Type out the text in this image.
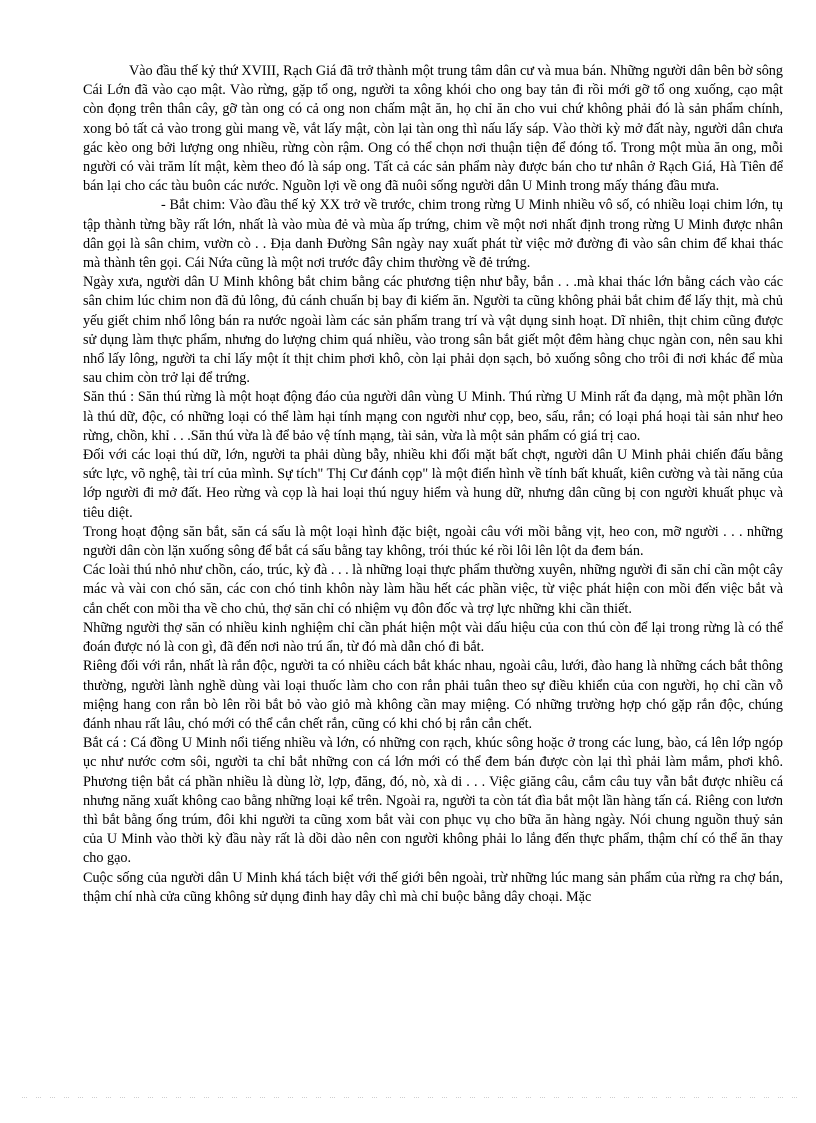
Vào đầu thế kỷ thứ XVIII, Rạch Giá đã trở thành một trung tâm dân cư và mua bán. Những người dân bên bờ sông Cái Lớn đã vào cạo mật. Vào rừng, gặp tổ ong, người ta xông khói cho ong bay tản đi rồi mới gỡ tổ ong xuống, cạo mật còn đọng trên thân cây, gỡ tàn ong có cả ong non chấm mật ăn, họ chỉ ăn cho vui chứ không phải đó là sản phẩm chính, xong bỏ tất cả vào trong gùi mang về, vắt lấy mật, còn lại tàn ong thì nấu lấy sáp. Vào thời kỳ mở đất này, người dân chưa gác kèo ong bởi lượng ong nhiều, rừng còn rậm. Ong có thể chọn nơi thuận tiện để đóng tổ. Trong một mùa ăn ong, mỗi người có vài trăm lít mật, kèm theo đó là sáp ong. Tất cả các sản phẩm này được bán cho tư nhân ở Rạch Giá, Hà Tiên để bán lại cho các tàu buôn các nước. Nguồn lợi về ong đã nuôi sống người dân U Minh trong mấy tháng đầu mưa.

- Bắt chim: Vào đầu thế kỷ XX trở về trước, chim trong rừng U Minh nhiều vô số, có nhiều loại chim lớn, tụ tập thành từng bầy rất lớn, nhất là vào mùa đẻ và mùa ấp trứng, chim về một nơi nhất định trong rừng U Minh được nhân dân gọi là sân chim, vườn cò . . Địa danh Đường Sân ngày nay xuất phát từ việc mở đường đi vào sân chim để khai thác mà thành tên gọi. Cái Nứa cũng là một nơi trước đây chim thường về đẻ trứng.

Ngày xưa, người dân U Minh không bắt chim bằng các phương tiện như bẫy, bắn . . .mà khai thác lớn bằng cách vào các sân chim lúc chim non đã đủ lông, đủ cánh chuẩn bị bay đi kiếm ăn. Người ta cũng không phải bắt chim để lấy thịt, mà chủ yếu giết chim nhổ lông bán ra nước ngoài làm các sản phẩm trang trí và vật dụng sinh hoạt. Dĩ nhiên, thịt chim cũng được sử dụng làm thực phẩm, nhưng do lượng chim quá nhiều, vào trong sân bắt giết một đêm hàng chục ngàn con, nên sau khi nhổ lấy lông, người ta chỉ lấy một ít thịt chim phơi khô, còn lại phải dọn sạch, bỏ xuống sông cho trôi đi nơi khác để mùa sau chim còn trở lại để trứng.

Săn thú : Săn thú rừng là một hoạt động đáo của người dân vùng U Minh. Thú rừng U Minh rất đa dạng, mà một phần lớn là thú dữ, độc, có những loại có thể làm hại tính mạng con người như cọp, beo, sấu, rắn; có loại phá hoại tài sản như heo rừng, chồn, khỉ . . .Săn thú vừa là để bảo vệ tính mạng, tài sản, vừa là một sản phẩm có giá trị cao.

Đối với các loại thú dữ, lớn, người ta phải dùng bẫy, nhiều khi đối mặt bất chợt, người dân U Minh phải chiến đấu bằng sức lực, võ nghệ, tài trí của mình. Sự tích" Thị Cư đánh cọp" là một điển hình về tính bất khuất, kiên cường và tài năng của lớp người đi mở đất. Heo rừng và cọp là hai loại thú nguy hiểm và hung dữ, nhưng dân cũng bị con người khuất phục và tiêu diệt.

Trong hoạt động săn bắt, săn cá sấu là một loại hình đặc biệt, ngoài câu với mồi bằng vịt, heo con, mỡ người . . . những người dân còn lặn xuống sông để bắt cá sấu bằng tay không, trói thúc ké rồi lôi lên lột da đem bán.

Các loài thú nhỏ như chồn, cáo, trúc, kỳ đà . . . là những loại thực phẩm thường xuyên, những người đi săn chỉ cần một cây mác và vài con chó săn, các con chó tinh khôn này làm hầu hết các phần việc, từ việc phát hiện con mồi đến việc bắt và cắn chết con mồi tha về cho chủ, thợ săn chỉ có nhiệm vụ đôn đốc và trợ lực những khi cần thiết.

Những người thợ săn có nhiều kinh nghiệm chỉ cần phát hiện một vài dấu hiệu của con thú còn để lại trong rừng là có thể đoán được nó là con gì, đã đến nơi nào trú ẩn, từ đó mà dẫn chó đi bắt.

Riêng đối với rắn, nhất là rắn độc, người ta có nhiều cách bắt khác nhau, ngoài câu, lưới, đào hang là những cách bắt thông thường, người lành nghề dùng vài loại thuốc làm cho con rắn phải tuân theo sự điều khiển của con người, họ chỉ cần vỗ miệng hang con rắn bò lên rồi bắt bỏ vào giỏ mà không cần may miệng. Có những trường hợp chó gặp rắn độc, chúng đánh nhau rất lâu, chó mới có thể cắn chết rắn, cũng có khi chó bị rắn cắn chết.

Bắt cá : Cá đồng U Minh nổi tiếng nhiều và lớn, có những con rạch, khúc sông hoặc ở trong các lung, bào, cá lên lớp ngóp ục như nước cơm sôi, người ta chỉ bắt những con cá lớn mới có thể đem bán được còn lại thì phải làm mắm, phơi khô. Phương tiện bắt cá phần nhiều là dùng lờ, lợp, đăng, đó, nò, xà di . . . Việc giăng câu, cắm câu tuy vẫn bắt được nhiều cá nhưng năng xuất không cao bằng những loại kể trên. Ngoài ra, người ta còn tát đìa bắt một lần hàng tấn cá. Riêng con lươn thì bắt bằng ống trúm, đôi khi người ta cũng xom bắt vài con phục vụ cho bữa ăn hàng ngày. Nói chung nguồn thuỷ sản của U Minh vào thời kỳ đầu này rất là dồi dào nên con người không phải lo lắng đến thực phẩm, thậm chí có thể ăn thay cho gạo.

Cuộc sống của người dân U Minh khá tách biệt với thế giới bên ngoài, trừ những lúc mang sản phẩm của rừng ra chợ bán, thậm chí nhà cửa cũng không sử dụng đinh hay dây chì mà chỉ buộc bằng dây choại. Mặc
